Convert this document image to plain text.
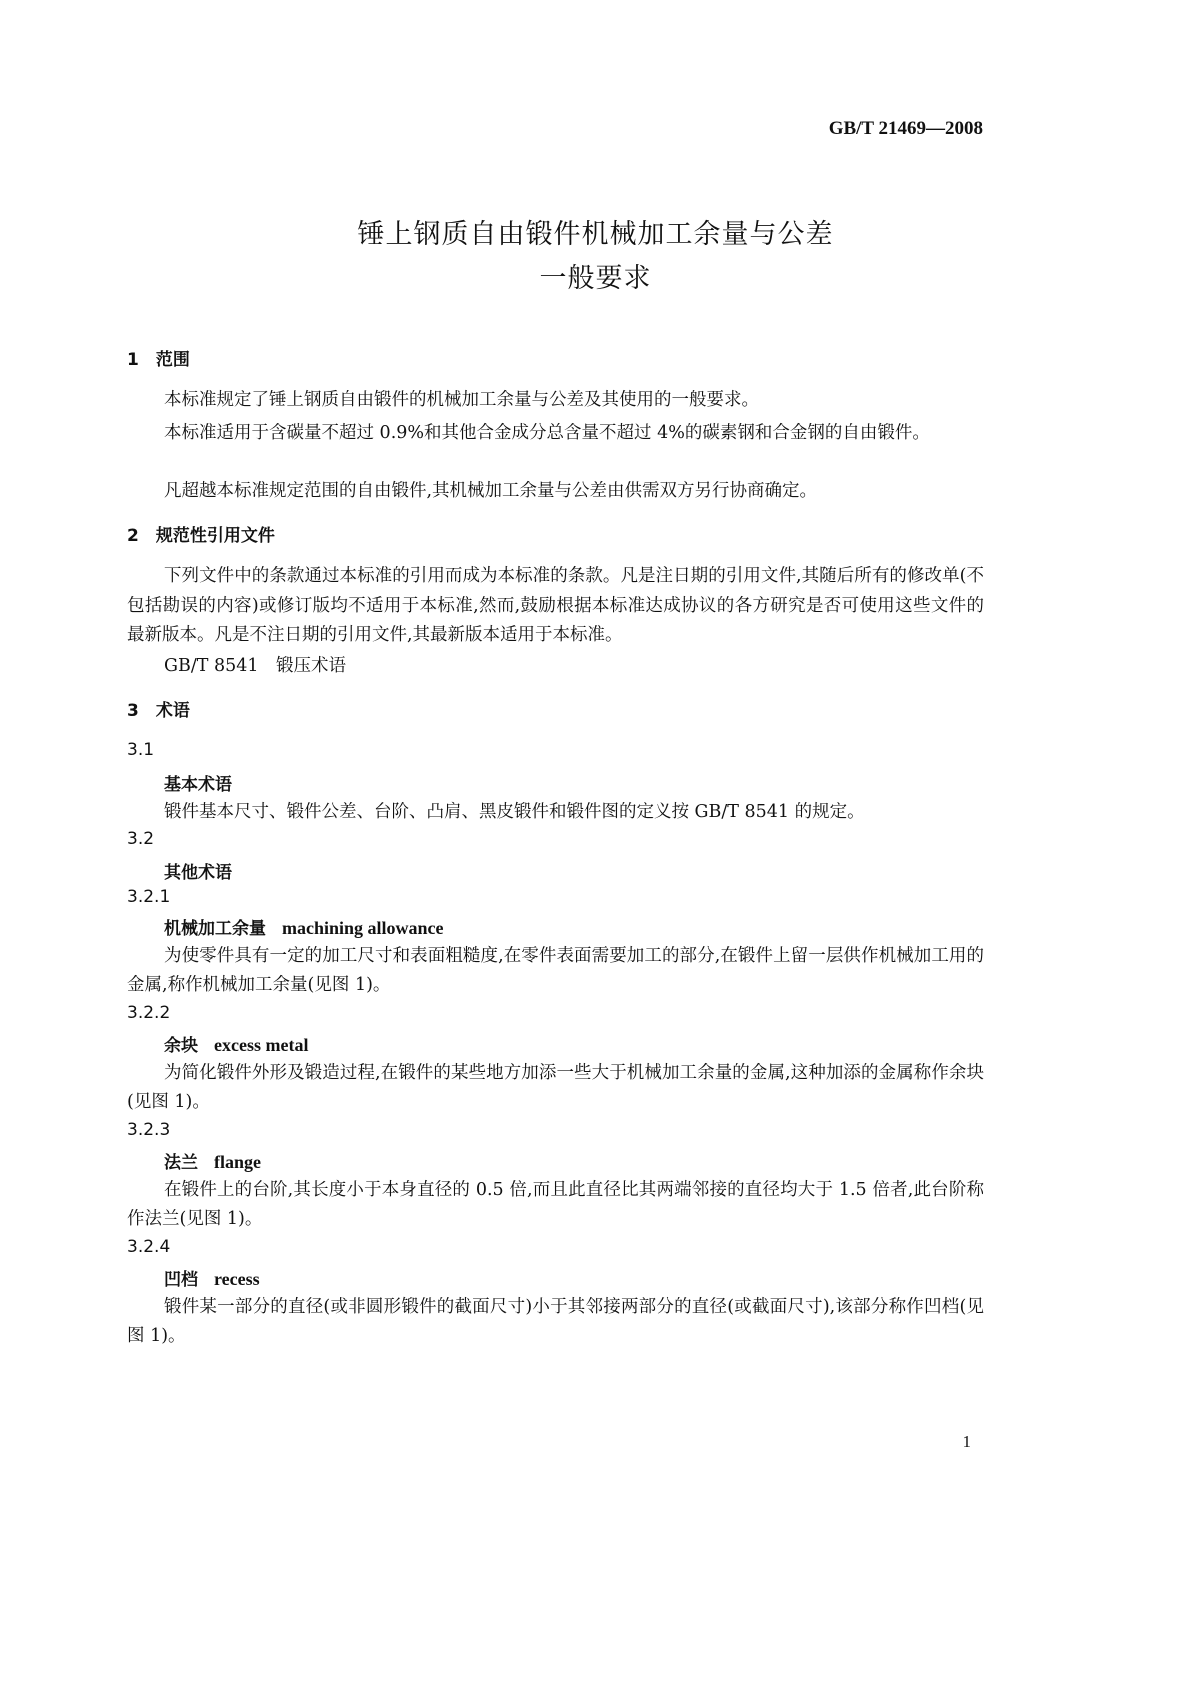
GB/T 21469—2008
锤上钢质自由锻件机械加工余量与公差
一般要求
1　范围
本标准规定了锤上钢质自由锻件的机械加工余量与公差及其使用的一般要求。
本标准适用于含碳量不超过 0.9%和其他合金成分总含量不超过 4%的碳素钢和合金钢的自由锻件。
凡超越本标准规定范围的自由锻件,其机械加工余量与公差由供需双方另行协商确定。
2　规范性引用文件
下列文件中的条款通过本标准的引用而成为本标准的条款。凡是注日期的引用文件,其随后所有的修改单(不包括勘误的内容)或修订版均不适用于本标准,然而,鼓励根据本标准达成协议的各方研究是否可使用这些文件的最新版本。凡是不注日期的引用文件,其最新版本适用于本标准。
GB/T 8541　锻压术语
3　术语
3.1
基本术语
锻件基本尺寸、锻件公差、台阶、凸肩、黑皮锻件和锻件图的定义按 GB/T 8541 的规定。
3.2
其他术语
3.2.1
机械加工余量 machining allowance
为使零件具有一定的加工尺寸和表面粗糙度,在零件表面需要加工的部分,在锻件上留一层供作机械加工用的金属,称作机械加工余量(见图 1)。
3.2.2
余块 excess metal
为简化锻件外形及锻造过程,在锻件的某些地方加添一些大于机械加工余量的金属,这种加添的金属称作余块(见图 1)。
3.2.3
法兰 flange
在锻件上的台阶,其长度小于本身直径的 0.5 倍,而且此直径比其两端邻接的直径均大于 1.5 倍者,此台阶称作法兰(见图 1)。
3.2.4
凹档 recess
锻件某一部分的直径(或非圆形锻件的截面尺寸)小于其邻接两部分的直径(或截面尺寸),该部分称作凹档(见图 1)。
1
